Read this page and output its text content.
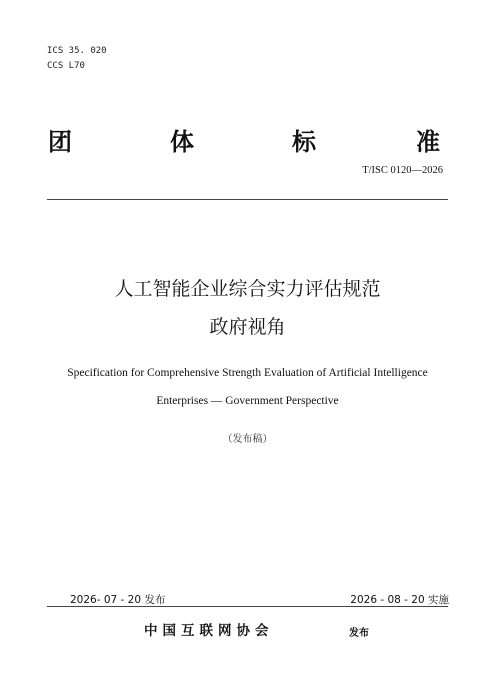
ICS 35. 020
CCS L70
团	体	标	准
T/ISC 0120—2026
人工智能企业综合实力评估规范
政府视角
Specification for Comprehensive Strength Evaluation of Artificial Intelligence
Enterprises — Government Perspective
（发布稿）
2026- 07 - 20 发布	2026 - 08 - 20 实施
中国互联网协会	发布
